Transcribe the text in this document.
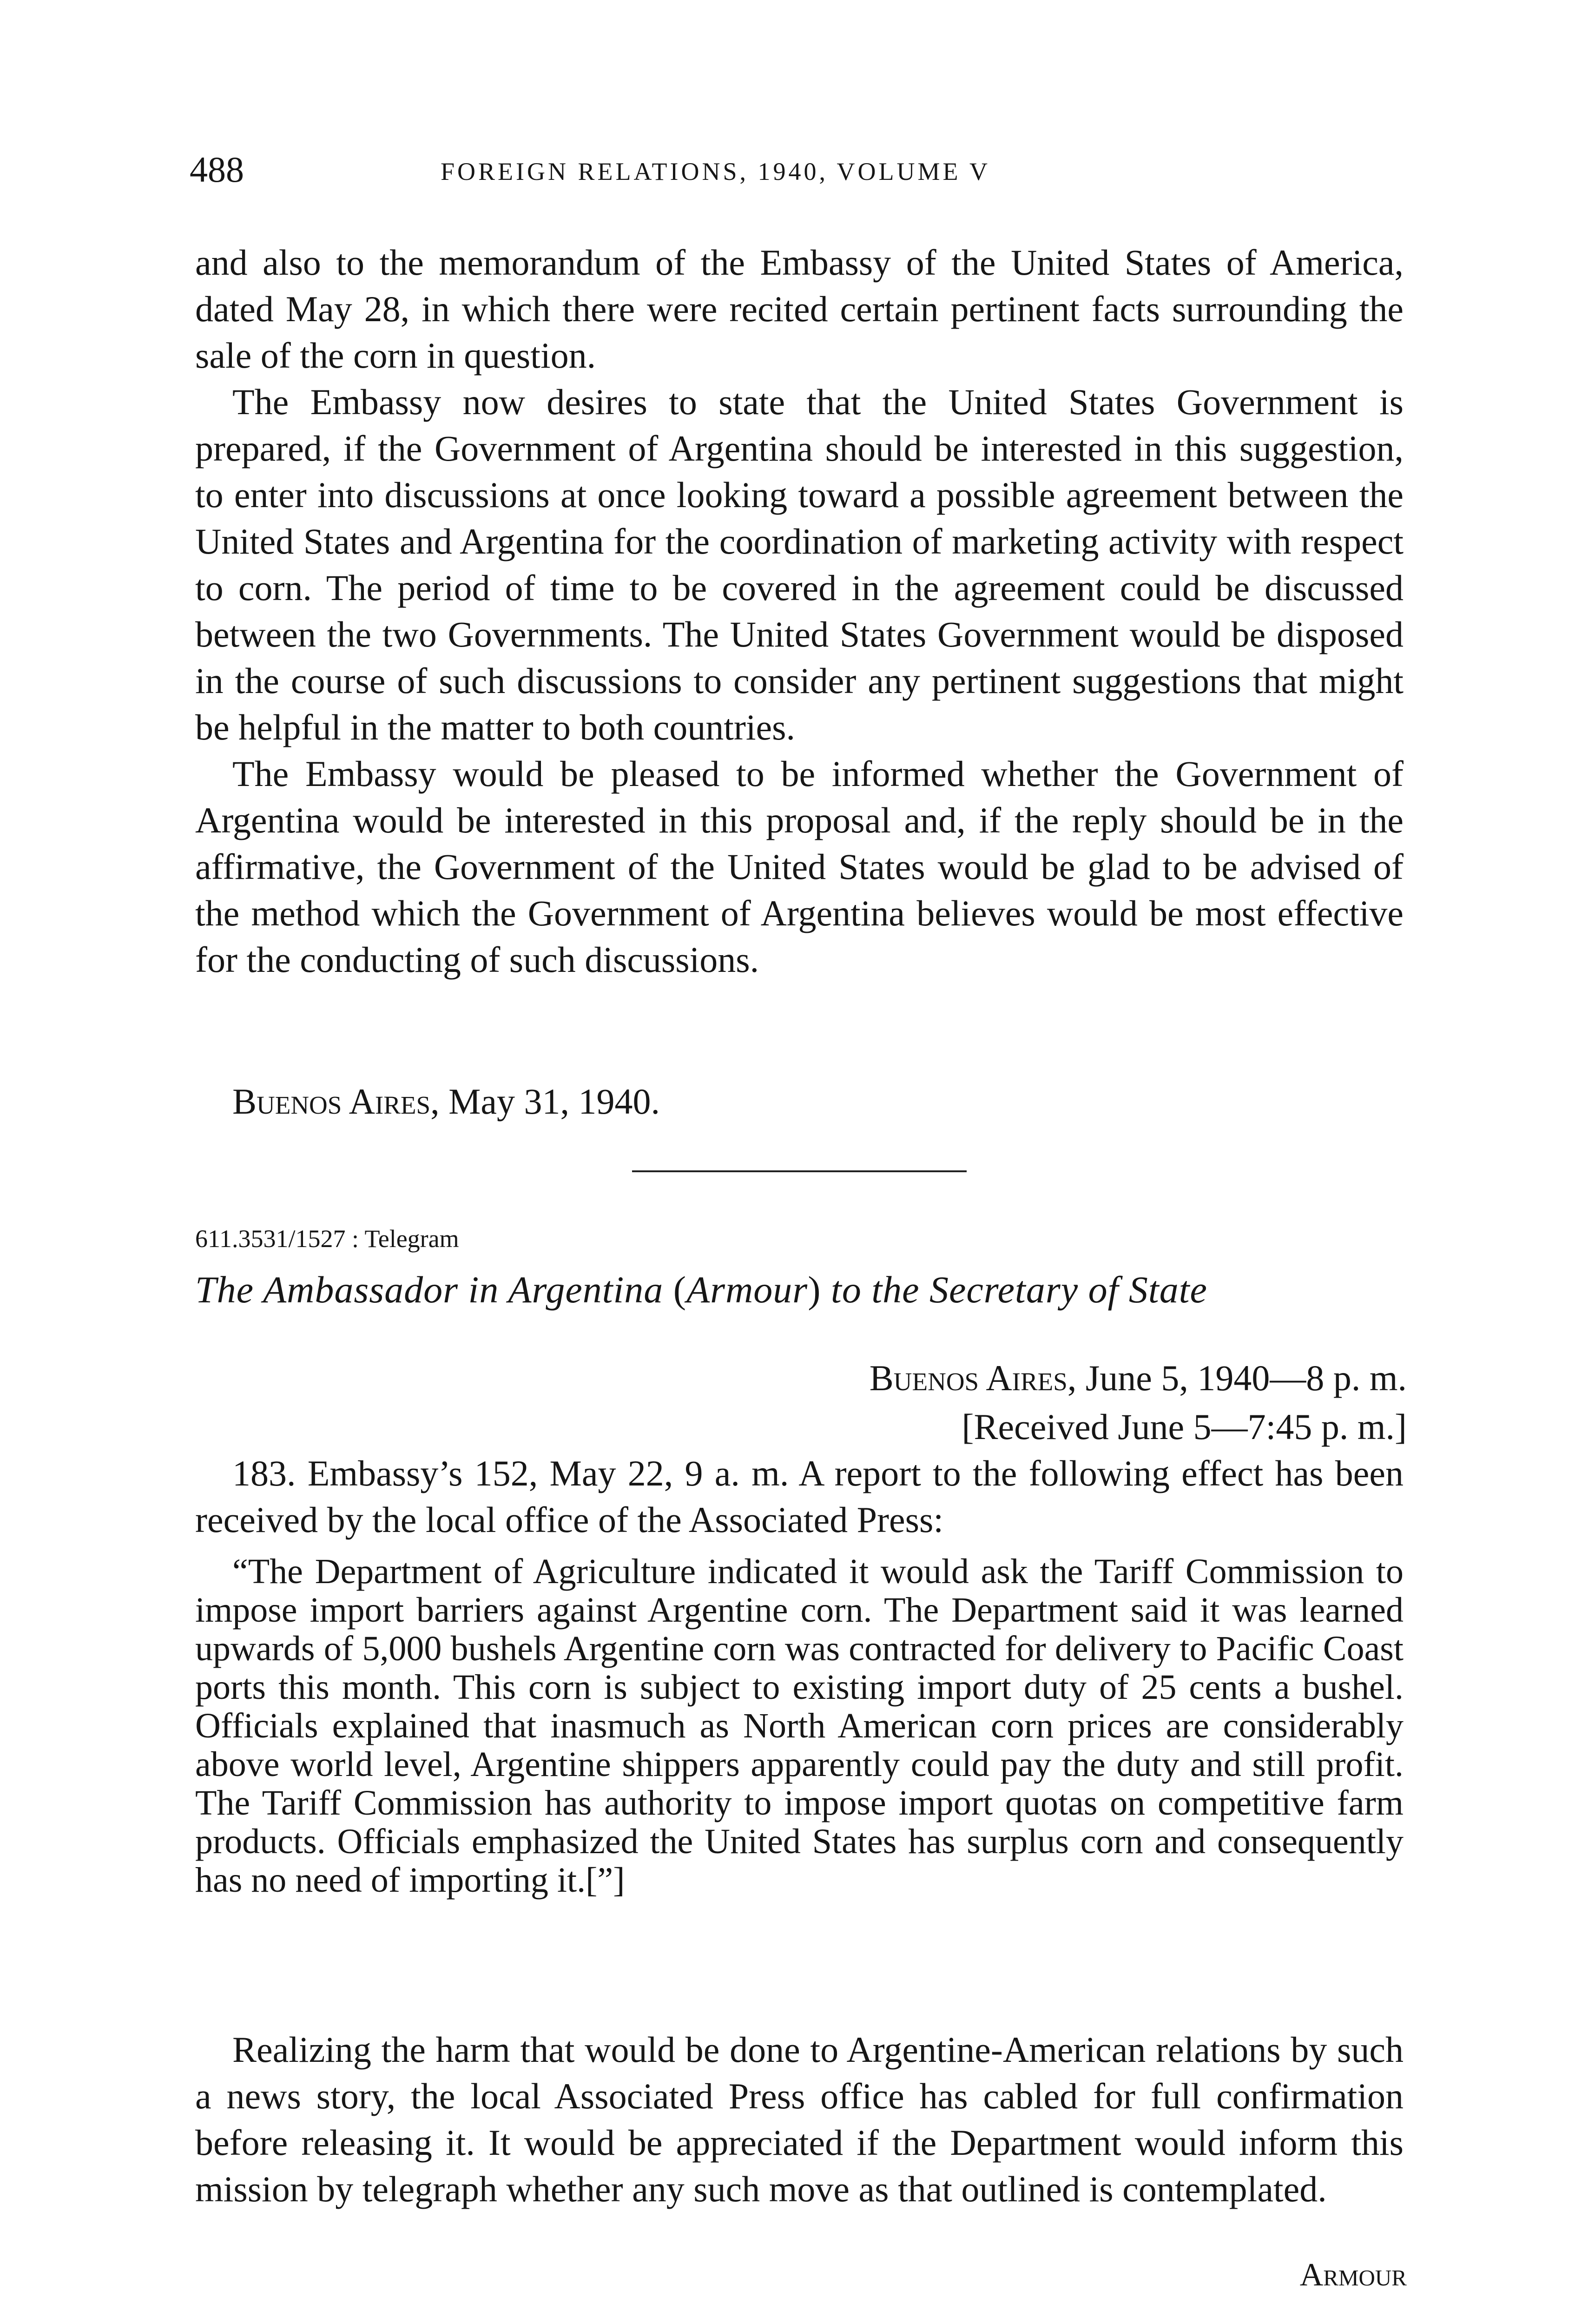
488	FOREIGN RELATIONS, 1940, VOLUME V

and also to the memorandum of the Embassy of the United States of America, dated May 28, in which there were recited certain pertinent facts surrounding the sale of the corn in question.

The Embassy now desires to state that the United States Government is prepared, if the Government of Argentina should be interested in this suggestion, to enter into discussions at once looking toward a possible agreement between the United States and Argentina for the coordination of marketing activity with respect to corn. The period of time to be covered in the agreement could be discussed between the two Governments. The United States Government would be disposed in the course of such discussions to consider any pertinent suggestions that might be helpful in the matter to both countries.

The Embassy would be pleased to be informed whether the Government of Argentina would be interested in this proposal and, if the reply should be in the affirmative, the Government of the United States would be glad to be advised of the method which the Government of Argentina believes would be most effective for the conducting of such discussions.

Buenos Aires, May 31, 1940.
611.3531/1527 : Telegram
The Ambassador in Argentina (Armour) to the Secretary of State
Buenos Aires, June 5, 1940—8 p. m.
[Received June 5—7:45 p. m.]

183. Embassy’s 152, May 22, 9 a. m. A report to the following effect has been received by the local office of the Associated Press:

“The Department of Agriculture indicated it would ask the Tariff Commission to impose import barriers against Argentine corn. The Department said it was learned upwards of 5,000 bushels Argentine corn was contracted for delivery to Pacific Coast ports this month. This corn is subject to existing import duty of 25 cents a bushel. Officials explained that inasmuch as North American corn prices are considerably above world level, Argentine shippers apparently could pay the duty and still profit. The Tariff Commission has authority to impose import quotas on competitive farm products. Officials emphasized the United States has surplus corn and consequently has no need of importing it.[”]

Realizing the harm that would be done to Argentine-American relations by such a news story, the local Associated Press office has cabled for full confirmation before releasing it. It would be appreciated if the Department would inform this mission by telegraph whether any such move as that outlined is contemplated.

Armour
